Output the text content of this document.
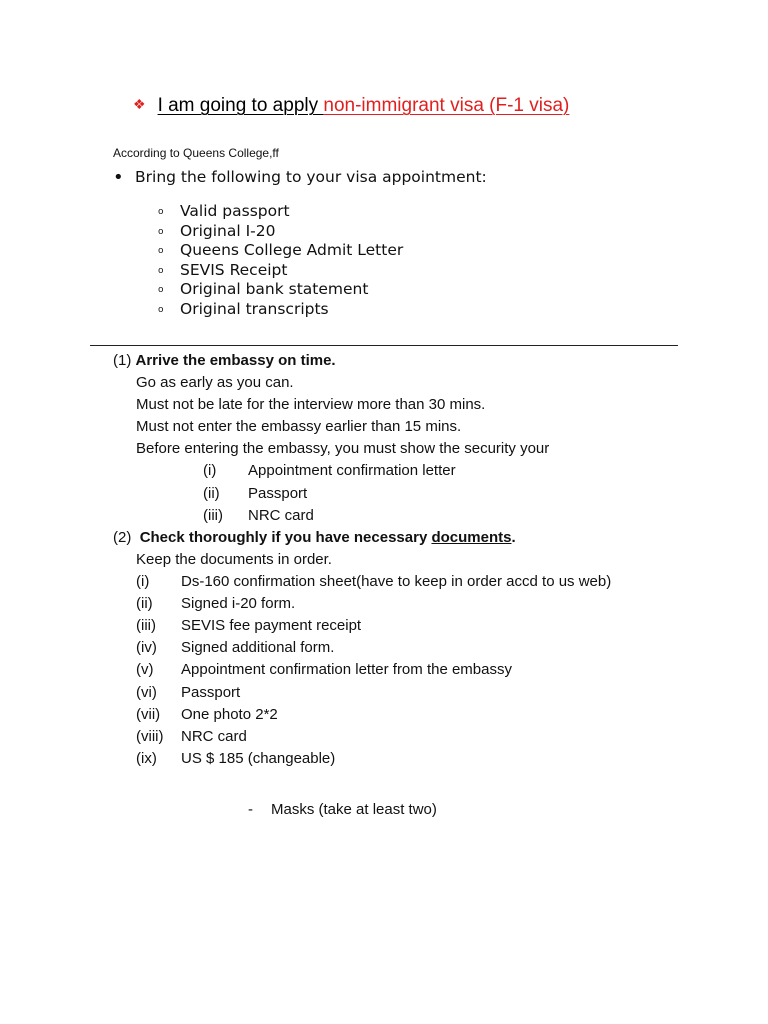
❖ I am going to apply non-immigrant visa (F-1 visa)
According to Queens College,ff
• Bring the following to your visa appointment:
o Valid passport
o Original I-20
o Queens College Admit Letter
o SEVIS Receipt
o Original bank statement
o Original transcripts
(1) Arrive the embassy on time.
Go as early as you can.
Must not be late for the interview more than 30 mins.
Must not enter the embassy earlier than 15 mins.
Before entering the embassy, you must show the security your
(i) Appointment confirmation letter
(ii) Passport
(iii) NRC card
(2) Check thoroughly if you have necessary documents.
Keep the documents in order.
(i) Ds-160 confirmation sheet(have to keep in order accd to us web)
(ii) Signed i-20 form.
(iii) SEVIS fee payment receipt
(iv) Signed additional form.
(v) Appointment confirmation letter from the embassy
(vi) Passport
(vii) One photo 2*2
(viii) NRC card
(ix) US $ 185 (changeable)
- Masks (take at least two)
